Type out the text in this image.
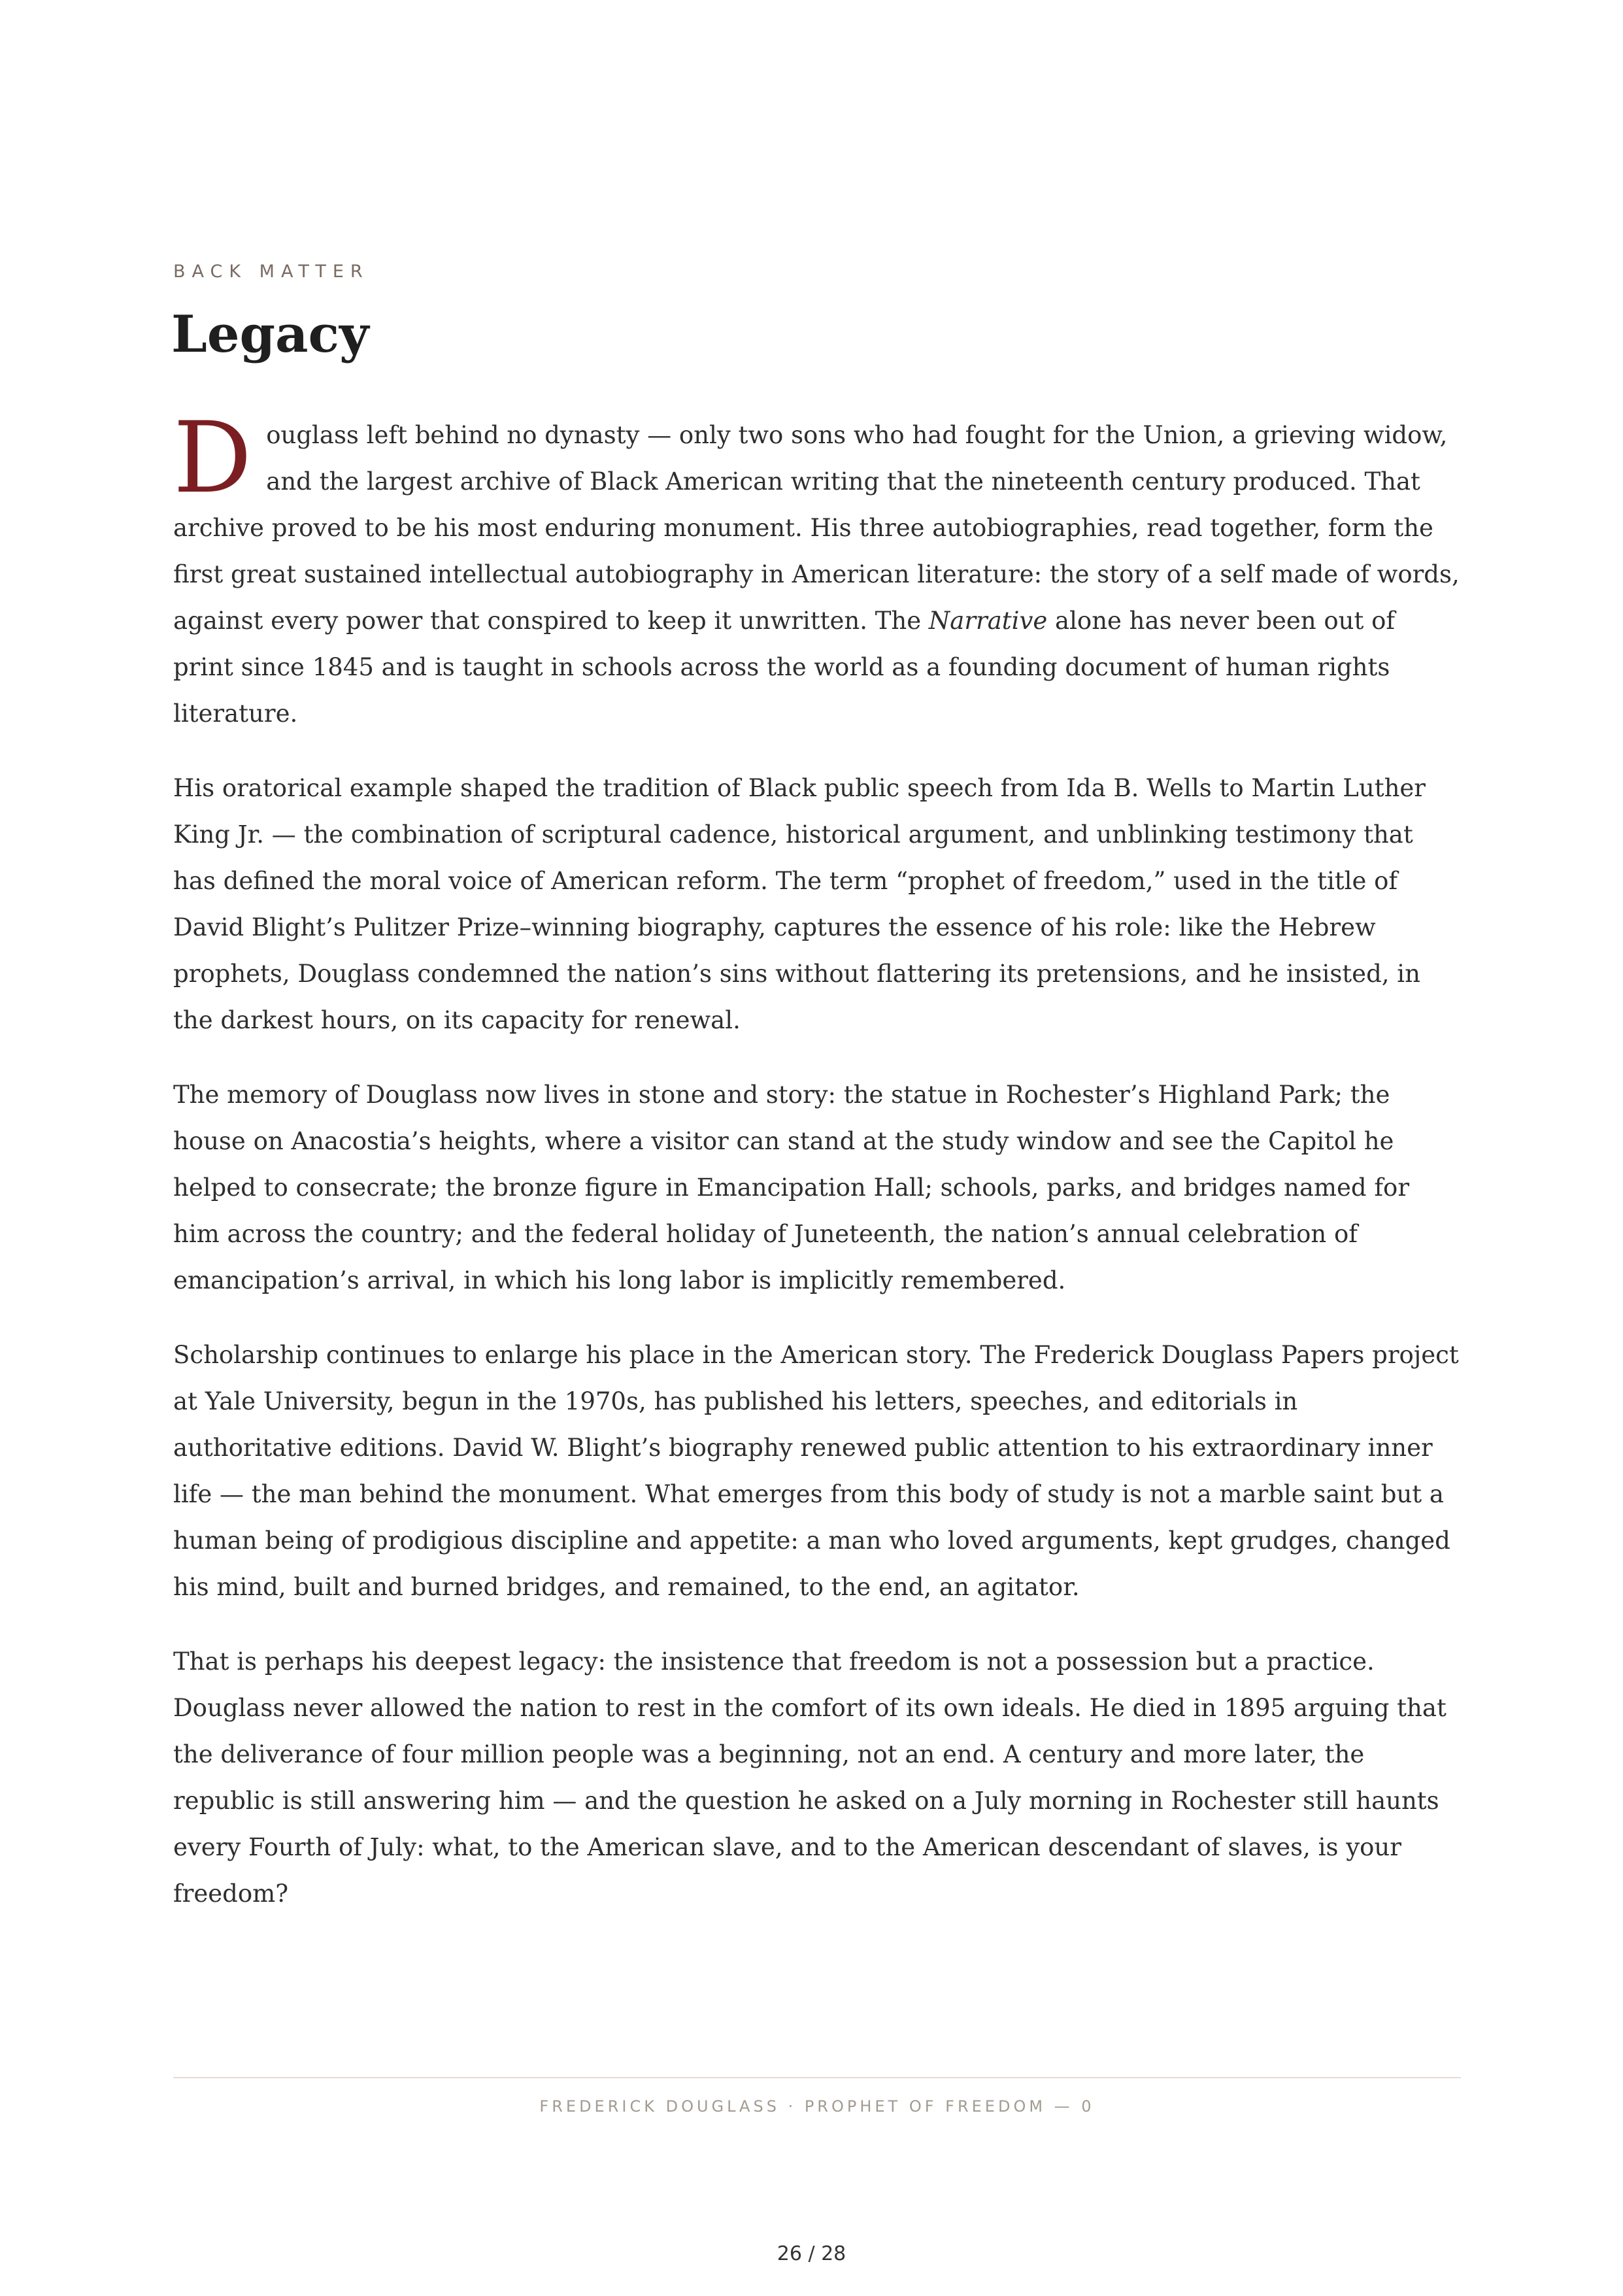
BACK MATTER
Legacy

Douglass left behind no dynasty — only two sons who had fought for the Union, a grieving widow, and the largest archive of Black American writing that the nineteenth century produced. That archive proved to be his most enduring monument. His three autobiographies, read together, form the first great sustained intellectual autobiography in American literature: the story of a self made of words, against every power that conspired to keep it unwritten. The Narrative alone has never been out of print since 1845 and is taught in schools across the world as a founding document of human rights literature.

His oratorical example shaped the tradition of Black public speech from Ida B. Wells to Martin Luther King Jr. — the combination of scriptural cadence, historical argument, and unblinking testimony that has defined the moral voice of American reform. The term “prophet of freedom,” used in the title of David Blight’s Pulitzer Prize–winning biography, captures the essence of his role: like the Hebrew prophets, Douglass condemned the nation’s sins without flattering its pretensions, and he insisted, in the darkest hours, on its capacity for renewal.

The memory of Douglass now lives in stone and story: the statue in Rochester’s Highland Park; the house on Anacostia’s heights, where a visitor can stand at the study window and see the Capitol he helped to consecrate; the bronze figure in Emancipation Hall; schools, parks, and bridges named for him across the country; and the federal holiday of Juneteenth, the nation’s annual celebration of emancipation’s arrival, in which his long labor is implicitly remembered.

Scholarship continues to enlarge his place in the American story. The Frederick Douglass Papers project at Yale University, begun in the 1970s, has published his letters, speeches, and editorials in authoritative editions. David W. Blight’s biography renewed public attention to his extraordinary inner life — the man behind the monument. What emerges from this body of study is not a marble saint but a human being of prodigious discipline and appetite: a man who loved arguments, kept grudges, changed his mind, built and burned bridges, and remained, to the end, an agitator.

That is perhaps his deepest legacy: the insistence that freedom is not a possession but a practice. Douglass never allowed the nation to rest in the comfort of its own ideals. He died in 1895 arguing that the deliverance of four million people was a beginning, not an end. A century and more later, the republic is still answering him — and the question he asked on a July morning in Rochester still haunts every Fourth of July: what, to the American slave, and to the American descendant of slaves, is your freedom?

FREDERICK DOUGLASS · PROPHET OF FREEDOM — 0
26 / 28
